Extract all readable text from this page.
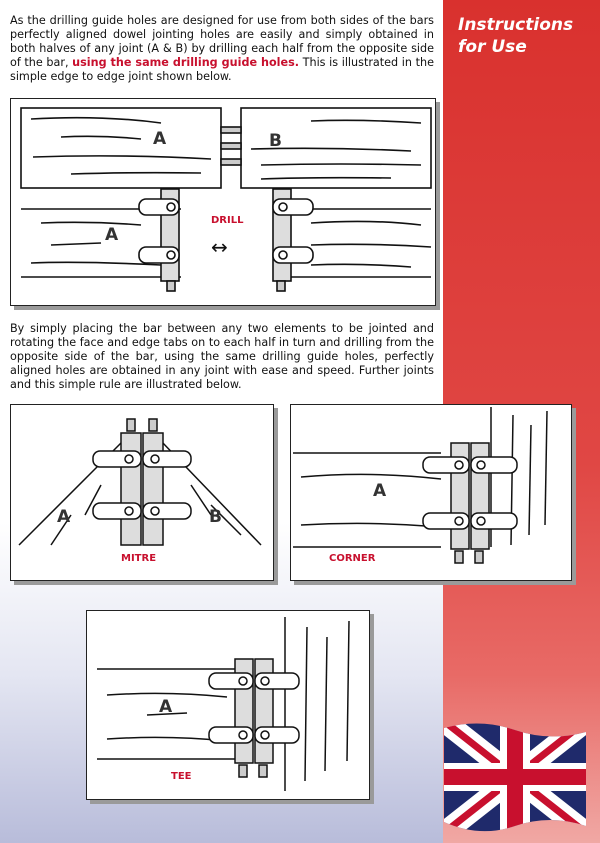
Instructions
for Use
As the drilling guide holes are designed for use from both sides of the bars perfectly aligned dowel jointing holes are easily and simply obtained in both halves of any joint (A & B) by drilling each half from the opposite side of the bar, using the same drilling guide holes. This is illustrated in the simple edge to edge joint shown below.
A	B
A
DRILL
↔
By simply placing the bar between any two elements to be jointed and rotating the face and edge tabs on to each half in turn and drilling from the opposite side of the bar, using the same drilling guide holes, perfectly aligned holes are obtained in any joint with ease and speed. Further joints and this simple rule are illustrated below.
A	B
MITRE
A
CORNER
A
TEE
